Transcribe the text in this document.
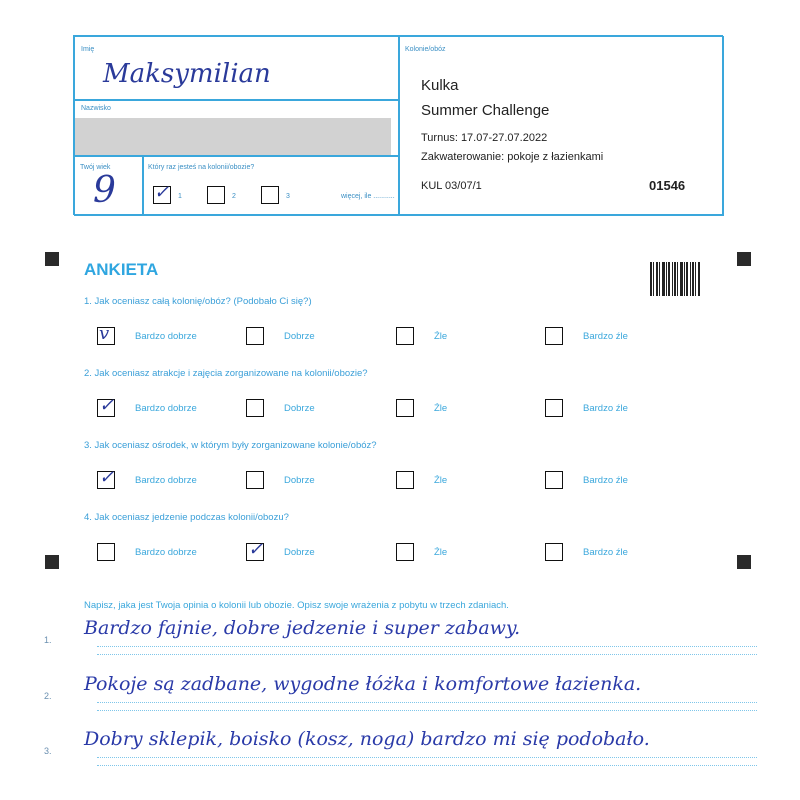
Imię
Maksymilian
Nazwisko
Twój wiek
9
Który raz jesteś na kolonii/obozie?
✓ 1	2	3	więcej, ile ...........
Kolonie/obóz
Kulka
Summer Challenge
Turnus: 17.07-27.07.2022
Zakwaterowanie: pokoje z łazienkami
KUL 03/07/1	01546
ANKIETA
1. Jak oceniasz całą kolonię/obóz? (Podobało Ci się?)
v	Bardzo dobrze	Dobrze	Źle	Bardzo źle
2. Jak oceniasz atrakcje i zajęcia zorganizowane na kolonii/obozie?
✓ Bardzo dobrze	Dobrze	Źle	Bardzo źle
3. Jak oceniasz ośrodek, w którym były zorganizowane kolonie/obóz?
✓ Bardzo dobrze	Dobrze	Źle	Bardzo źle
4. Jak oceniasz jedzenie podczas kolonii/obozu?
Bardzo dobrze	✓ Dobrze	Źle	Bardzo źle
Napisz, jaka jest Twoja opinia o kolonii lub obozie. Opisz swoje wrażenia z pobytu w trzech zdaniach.
1.
Bardzo fajnie, dobre jedzenie i super zabawy.
2.
Pokoje są zadbane, wygodne łóżka i komfortowe łazienka.
3.
Dobry sklepik, boisko (kosz, noga) bardzo mi się podobało.
